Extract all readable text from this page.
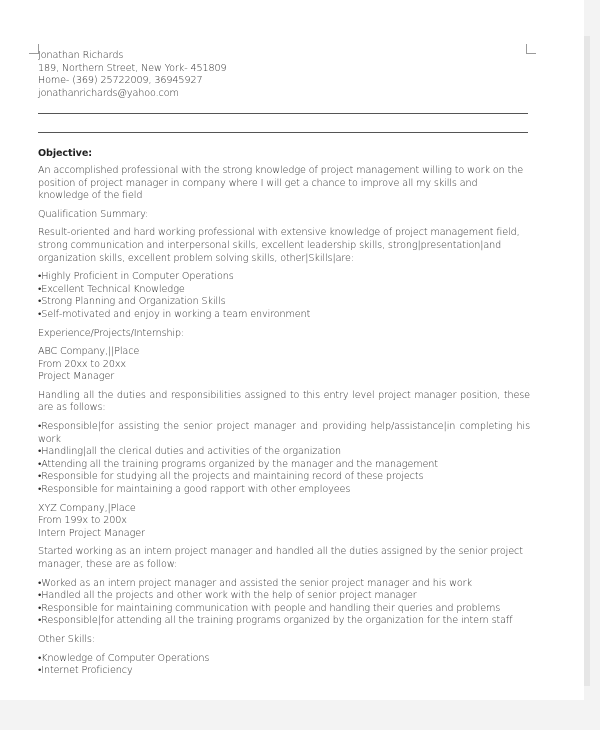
Jonathan Richards
189, Northern Street, New York- 451809
Home- (369) 25722009, 36945927
jonathanrichards@yahoo.com
Objective:

An accomplished professional with the strong knowledge of project management willing to work on the position of project manager in company where I will get a chance to improve all my skills and knowledge of the field

Qualification Summary:

Result-oriented and hard working professional with extensive knowledge of project management field, strong communication and interpersonal skills, excellent leadership skills, strong|presentation|and organization skills, excellent problem solving skills, other|Skills|are:

•Highly Proficient in Computer Operations
•Excellent Technical Knowledge
•Strong Planning and Organization Skills
•Self-motivated and enjoy in working a team environment
Experience/Projects/Internship:
ABC Company,||Place
From 20xx to 20xx
Project Manager

Handling all the duties and responsibilities assigned to this entry level project manager position, these are as follows:

•Responsible|for assisting the senior project manager and providing help/assistance|in completing his work
•Handling|all the clerical duties and activities of the organization
•Attending all the training programs organized by the manager and the management
•Responsible for studying all the projects and maintaining record of these projects
•Responsible for maintaining a good rapport with other employees
XYZ Company,|Place
From 199x to 200x
Intern Project Manager

Started working as an intern project manager and handled all the duties assigned by the senior project manager, these are as follow:

•Worked as an intern project manager and assisted the senior project manager and his work
•Handled all the projects and other work with the help of senior project manager
•Responsible for maintaining communication with people and handling their queries and problems
•Responsible|for attending all the training programs organized by the organization for the intern staff
Other Skills:
•Knowledge of Computer Operations
•Internet Proficiency
